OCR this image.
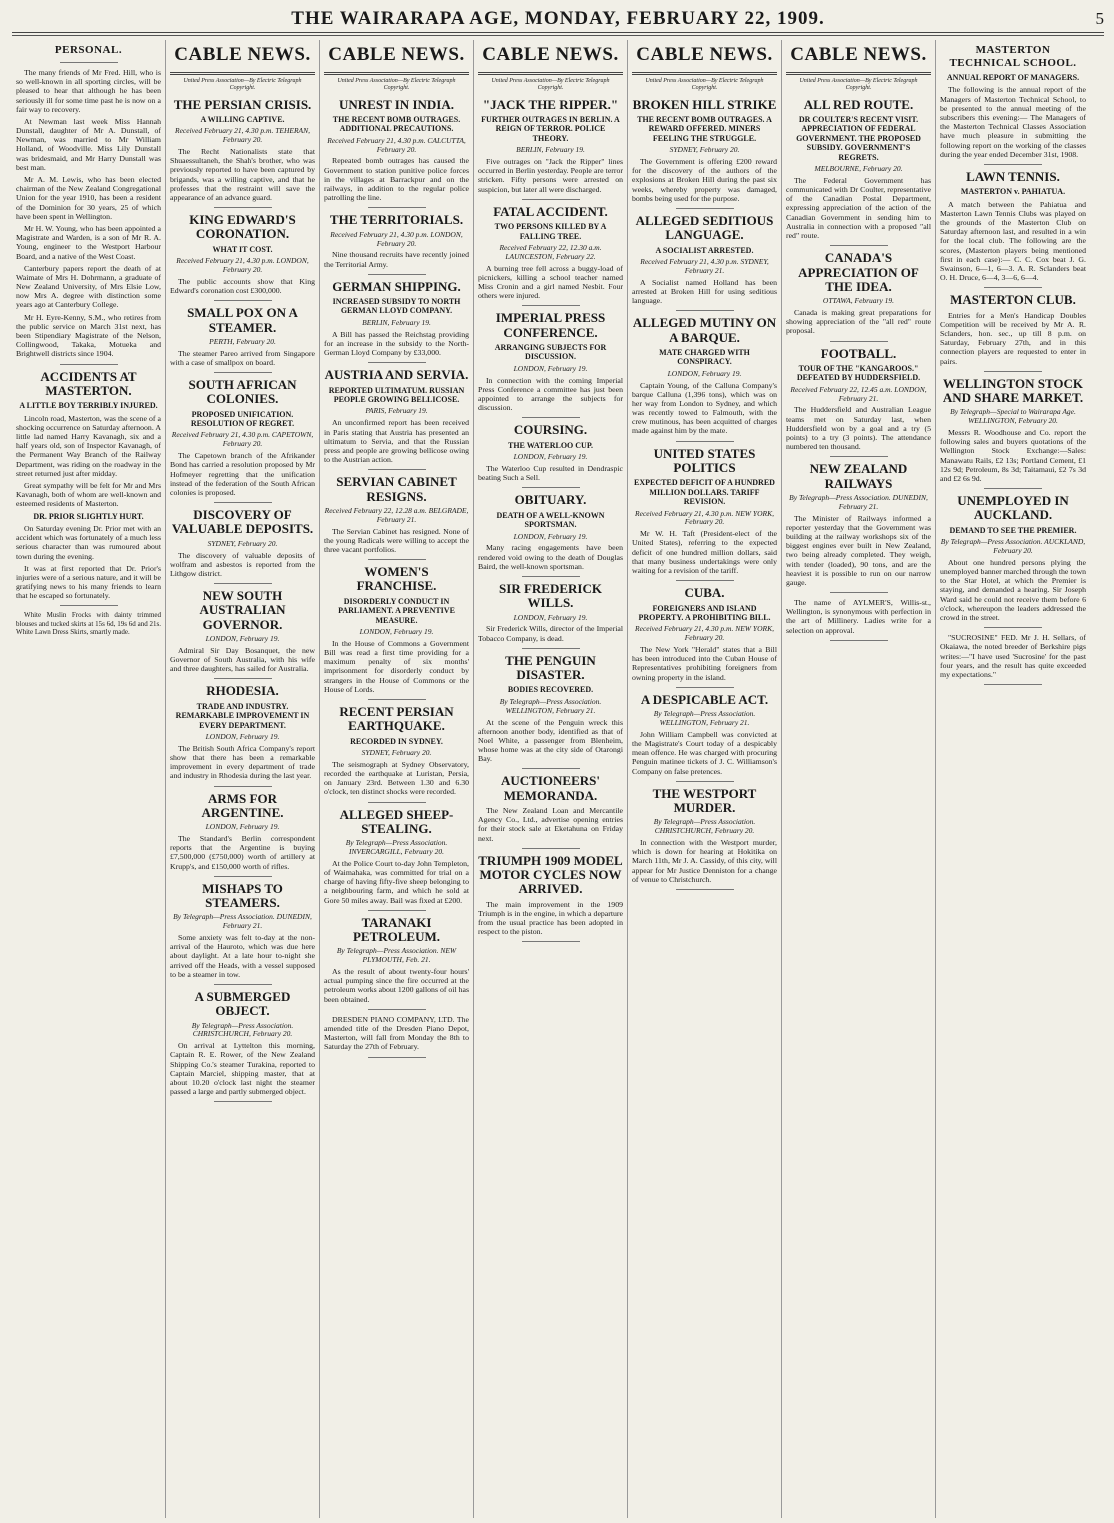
THE WAIRARAPA AGE, MONDAY, FEBRUARY 22, 1909.	5
PERSONAL.

The many friends of Mr Fred. Hill, who is so well-known in all sporting circles, will be pleased to hear that although he has been seriously ill for some time past he is now on a fair way to recovery.

At Newman last week Miss Hannah Dunstall, daughter of Mr A. Dunstall, of Newman, was married to Mr William Holland, of Woodville. Miss Lily Dunstall was bridesmaid, and Mr Harry Dunstall was best man.

Mr A. M. Lewis, who has been elected chairman of the New Zealand Congregational Union for the year 1910, has been a resident of the Dominion for 30 years, 25 of which have been spent in Wellington.

Mr H. W. Young, who has been appointed a Magistrate and Warden, is a son of Mr R. A. Young, engineer to the Westport Harbour Board, and a native of the West Coast.

Canterbury papers report the death of at Waimate of Mrs H. Dohrmann, a graduate of New Zealand University, of Mrs Elsie Low, now Mrs A. degree with distinction some years ago at Canterbury College.

Mr H. Eyre-Kenny, S.M., who retires from the public service on March 31st next, has been Stipendiary Magistrate of the Nelson, Collingwood, Takaka, Motueka and Brightwell districts since 1904.

ACCIDENTS AT MASTERTON.
A LITTLE BOY TERRIBLY INJURED.

Lincoln road, Masterton, was the scene of a shocking occurrence on Saturday afternoon. A little lad named Harry Kavanagh, six and a half years old, son of Inspector Kavanagh, of the Permanent Way Branch of the Railway Department, was riding on the roadway in the street returned just after midday.

Great sympathy will be felt for Mr and Mrs Kavanagh, both of whom are well-known and esteemed residents of Masterton.

DR. PRIOR SLIGHTLY HURT.

On Saturday evening Dr. Prior met with an accident which was fortunately of a much less serious character than was rumoured about town during the evening.

It was at first reported that Dr. Prior's injuries were of a serious nature, and it will be gratifying news to his many friends to learn that he escaped so fortunately.

White Muslin Frocks with dainty trimmed blouses and tucked skirts at 15s 6d, 19s 6d and 21s. White Lawn Dress Skirts, smartly made.

CABLE NEWS.
United Press Association—By Electric Telegraph Copyright.
THE PERSIAN CRISIS.
A WILLING CAPTIVE.
Received February 21, 4.30 p.m. TEHERAN, February 20.

The Recht Nationalists state that Shuaessultaneh, the Shah's brother, who was previously reported to have been captured by brigands, was a willing captive, and that he professes that the restraint will save the appearance of an advance guard.

KING EDWARD'S CORONATION.
WHAT IT COST.
Received February 21, 4.30 p.m. LONDON, February 20.

The public accounts show that King Edward's coronation cost £300,000.

SMALL POX ON A STEAMER.
PERTH, February 20.

The steamer Pareo arrived from Singapore with a case of smallpox on board.

SOUTH AFRICAN COLONIES.
PROPOSED UNIFICATION. RESOLUTION OF REGRET.
Received February 21, 4.30 p.m. CAPETOWN, February 20.

The Capetown branch of the Afrikander Bond has carried a resolution proposed by Mr Hofmeyer regretting that the unification instead of the federation of the South African colonies is proposed.

DISCOVERY OF VALUABLE DEPOSITS.
SYDNEY, February 20.

The discovery of valuable deposits of wolfram and asbestos is reported from the Lithgow district.

NEW SOUTH AUSTRALIAN GOVERNOR.
LONDON, February 19.

Admiral Sir Day Bosanquet, the new Governor of South Australia, with his wife and three daughters, has sailed for Australia.

RHODESIA.
TRADE AND INDUSTRY. REMARKABLE IMPROVEMENT IN EVERY DEPARTMENT.
LONDON, February 19.

The British South Africa Company's report show that there has been a remarkable improvement in every department of trade and industry in Rhodesia during the last year.

ARMS FOR ARGENTINE.
LONDON, February 19.

The Standard's Berlin correspondent reports that the Argentine is buying £7,500,000 (£750,000) worth of artillery at Krupp's, and £150,000 worth of rifles.

MISHAPS TO STEAMERS.
By Telegraph—Press Association. DUNEDIN, February 21.

Some anxiety was felt to-day at the non-arrival of the Hauroto, which was due here about daylight. At a late hour to-night she arrived off the Heads, with a vessel supposed to be a steamer in tow.

A SUBMERGED OBJECT.
By Telegraph—Press Association. CHRISTCHURCH, February 20.

On arrival at Lyttelton this morning, Captain R. E. Rower, of the New Zealand Shipping Co.'s steamer Turakina, reported to Captain Marciel, shipping master, that at about 10.20 o'clock last night the steamer passed a large and partly submerged object.

CABLE NEWS.
United Press Association—By Electric Telegraph Copyright.
UNREST IN INDIA.
THE RECENT BOMB OUTRAGES. ADDITIONAL PRECAUTIONS.
Received February 21, 4.30 p.m. CALCUTTA, February 20.

Repeated bomb outrages has caused the Government to station punitive police forces in the villages at Barrackpur and on the railways, in addition to the regular police patrolling the line.

THE TERRITORIALS.
Received February 21, 4.30 p.m. LONDON, February 20.

Nine thousand recruits have recently joined the Territorial Army.

GERMAN SHIPPING.
INCREASED SUBSIDY TO NORTH GERMAN LLOYD COMPANY.
BERLIN, February 19.

A Bill has passed the Reichstag providing for an increase in the subsidy to the North-German Lloyd Company by £33,000.

AUSTRIA AND SERVIA.
REPORTED ULTIMATUM. RUSSIAN PEOPLE GROWING BELLICOSE.
PARIS, February 19.

An unconfirmed report has been received in Paris stating that Austria has presented an ultimatum to Servia, and that the Russian press and people are growing bellicose owing to the Austrian action.

SERVIAN CABINET RESIGNS.
Received February 22, 12.28 a.m. BELGRADE, February 21.

The Servian Cabinet has resigned. None of the young Radicals were willing to accept the three vacant portfolios.

WOMEN'S FRANCHISE.
DISORDERLY CONDUCT IN PARLIAMENT. A PREVENTIVE MEASURE.
LONDON, February 19.

In the House of Commons a Government Bill was read a first time providing for a maximum penalty of six months' imprisonment for disorderly conduct by strangers in the House of Commons or the House of Lords.

RECENT PERSIAN EARTHQUAKE.
RECORDED IN SYDNEY.
SYDNEY, February 20.

The seismograph at Sydney Observatory, recorded the earthquake at Luristan, Persia, on January 23rd. Between 1.30 and 6.30 o'clock, ten distinct shocks were recorded.

ALLEGED SHEEP-STEALING.
By Telegraph—Press Association. INVERCARGILL, February 20.

At the Police Court to-day John Templeton, of Waimahaka, was committed for trial on a charge of having fifty-five sheep belonging to a neighbouring farm, and which he sold at Gore 50 miles away. Bail was fixed at £200.

TARANAKI PETROLEUM.
By Telegraph—Press Association. NEW PLYMOUTH, Feb. 21.

As the result of about twenty-four hours' actual pumping since the fire occurred at the petroleum works about 1200 gallons of oil has been obtained.

DRESDEN PIANO COMPANY, LTD. The amended title of the Dresden Piano Depot, Masterton, will fall from Monday the 8th to Saturday the 27th of February.

CABLE NEWS.
United Press Association—By Electric Telegraph Copyright.
"JACK THE RIPPER."
FURTHER OUTRAGES IN BERLIN. A REIGN OF TERROR. POLICE THEORY.
BERLIN, February 19.

Five outrages on "Jack the Ripper" lines occurred in Berlin yesterday. People are terror stricken. Fifty persons were arrested on suspicion, but later all were discharged.

FATAL ACCIDENT.
TWO PERSONS KILLED BY A FALLING TREE.
Received February 22, 12.30 a.m. LAUNCESTON, February 22.

A burning tree fell across a buggy-load of picnickers, killing a school teacher named Miss Cronin and a girl named Nesbit. Four others were injured.

IMPERIAL PRESS CONFERENCE.
ARRANGING SUBJECTS FOR DISCUSSION.
LONDON, February 19.

In connection with the coming Imperial Press Conference a committee has just been appointed to arrange the subjects for discussion.

COURSING.
THE WATERLOO CUP.
LONDON, February 19.

The Waterloo Cup resulted in Dendraspic beating Such a Sell.

OBITUARY.
DEATH OF A WELL-KNOWN SPORTSMAN.
LONDON, February 19.

Many racing engagements have been rendered void owing to the death of Douglas Baird, the well-known sportsman.

SIR FREDERICK WILLS.
LONDON, February 19.

Sir Frederick Wills, director of the Imperial Tobacco Company, is dead.

THE PENGUIN DISASTER.
BODIES RECOVERED.
By Telegraph—Press Association. WELLINGTON, February 21.

At the scene of the Penguin wreck this afternoon another body, identified as that of Noel White, a passenger from Blenheim, whose home was at the city side of Otarongi Bay.

AUCTIONEERS' MEMORANDA.

The New Zealand Loan and Mercantile Agency Co., Ltd., advertise opening entries for their stock sale at Eketahuna on Friday next.

TRIUMPH 1909 MODEL MOTOR CYCLES NOW ARRIVED.

The main improvement in the 1909 Triumph is in the engine, in which a departure from the usual practice has been adopted in respect to the piston.

CABLE NEWS.
United Press Association—By Electric Telegraph Copyright.
BROKEN HILL STRIKE
THE RECENT BOMB OUTRAGES. A REWARD OFFERED. MINERS FEELING THE STRUGGLE.
SYDNEY, February 20.

The Government is offering £200 reward for the discovery of the authors of the explosions at Broken Hill during the past six weeks, whereby property was damaged, bombs being used for the purpose.

ALLEGED SEDITIOUS LANGUAGE.
A SOCIALIST ARRESTED.
Received February 21, 4.30 p.m. SYDNEY, February 21.

A Socialist named Holland has been arrested at Broken Hill for using seditious language.

ALLEGED MUTINY ON A BARQUE.
MATE CHARGED WITH CONSPIRACY.
LONDON, February 19.

Captain Young, of the Calluna Company's barque Calluna (1,396 tons), which was on her way from London to Sydney, and which was recently towed to Falmouth, with the crew mutinous, has been acquitted of charges made against him by the mate.

UNITED STATES POLITICS
EXPECTED DEFICIT OF A HUNDRED MILLION DOLLARS. TARIFF REVISION.
Received February 21, 4.30 p.m. NEW YORK, February 20.

Mr W. H. Taft (President-elect of the United States), referring to the expected deficit of one hundred million dollars, said that many business undertakings were only waiting for a revision of the tariff.

CUBA.
FOREIGNERS AND ISLAND PROPERTY. A PROHIBITING BILL.
Received February 21, 4.30 p.m. NEW YORK, February 20.

The New York "Herald" states that a Bill has been introduced into the Cuban House of Representatives prohibiting foreigners from owning property in the island.

A DESPICABLE ACT.
By Telegraph—Press Association. WELLINGTON, February 21.

John William Campbell was convicted at the Magistrate's Court today of a despicably mean offence. He was charged with procuring Penguin matinee tickets of J. C. Williamson's Company on false pretences.

THE WESTPORT MURDER.
By Telegraph—Press Association. CHRISTCHURCH, February 20.

In connection with the Westport murder, which is down for hearing at Hokitika on March 11th, Mr J. A. Cassidy, of this city, will appear for Mr Justice Denniston for a change of venue to Christchurch.

CABLE NEWS.
United Press Association—By Electric Telegraph Copyright.
ALL RED ROUTE.
DR COULTER'S RECENT VISIT. APPRECIATION OF FEDERAL GOVERNMENT. THE PROPOSED SUBSIDY. GOVERNMENT'S REGRETS.
MELBOURNE, February 20.

The Federal Government has communicated with Dr Coulter, representative of the Canadian Postal Department, expressing appreciation of the action of the Canadian Government in sending him to Australia in connection with a proposed "all red" route.

CANADA'S APPRECIATION OF THE IDEA.
OTTAWA, February 19.

Canada is making great preparations for showing appreciation of the "all red" route proposal.

FOOTBALL.
TOUR OF THE "KANGAROOS." DEFEATED BY HUDDERSFIELD.
Received February 22, 12.45 a.m. LONDON, February 21.

The Huddersfield and Australian League teams met on Saturday last, when Huddersfield won by a goal and a try (5 points) to a try (3 points). The attendance numbered ten thousand.

NEW ZEALAND RAILWAYS
By Telegraph—Press Association. DUNEDIN, February 21.

The Minister of Railways informed a reporter yesterday that the Government was building at the railway workshops six of the biggest engines ever built in New Zealand, two being already completed. They weigh, with tender (loaded), 90 tons, and are the heaviest it is possible to run on our narrow gauge.

The name of AYLMER'S, Willis-st., Wellington, is synonymous with perfection in the art of Millinery. Ladies write for a selection on approval.

MASTERTON TECHNICAL SCHOOL.
ANNUAL REPORT OF MANAGERS.

The following is the annual report of the Managers of Masterton Technical School, to be presented to the annual meeting of the subscribers this evening:— The Managers of the Masterton Technical Classes Association have much pleasure in submitting the following report on the working of the classes during the year ended December 31st, 1908.

LAWN TENNIS.
MASTERTON v. PAHIATUA.

A match between the Pahiatua and Masterton Lawn Tennis Clubs was played on the grounds of the Masterton Club on Saturday afternoon last, and resulted in a win for the local club. The following are the scores, (Masterton players being mentioned first in each case):— C. C. Cox beat J. G. Swainson, 6—1, 6—3. A. R. Sclanders beat O. H. Druce, 6—4, 3—6, 6—4.

MASTERTON CLUB.

Entries for a Men's Handicap Doubles Competition will be received by Mr A. R. Sclanders, hon. sec., up till 8 p.m. on Saturday, February 27th, and in this connection players are requested to enter in pairs.

WELLINGTON STOCK AND SHARE MARKET.
By Telegraph—Special to Wairarapa Age. WELLINGTON, February 20.

Messrs R. Woodhouse and Co. report the following sales and buyers quotations of the Wellington Stock Exchange:—Sales: Manawatu Rails, £2 13s; Portland Cement, £1 12s 9d; Petroleum, 8s 3d; Taitamaui, £2 7s 3d and £2 6s 9d.

UNEMPLOYED IN AUCKLAND.
DEMAND TO SEE THE PREMIER.
By Telegraph—Press Association. AUCKLAND, February 20.

About one hundred persons plying the unemployed banner marched through the town to the Star Hotel, at which the Premier is staying, and demanded a hearing. Sir Joseph Ward said he could not receive them before 6 o'clock, whereupon the leaders addressed the crowd in the street.

"SUCROSINE" FED. Mr J. H. Sellars, of Okaiawa, the noted breeder of Berkshire pigs writes:—"I have used 'Sucrosine' for the past four years, and the result has quite exceeded my expectations."
